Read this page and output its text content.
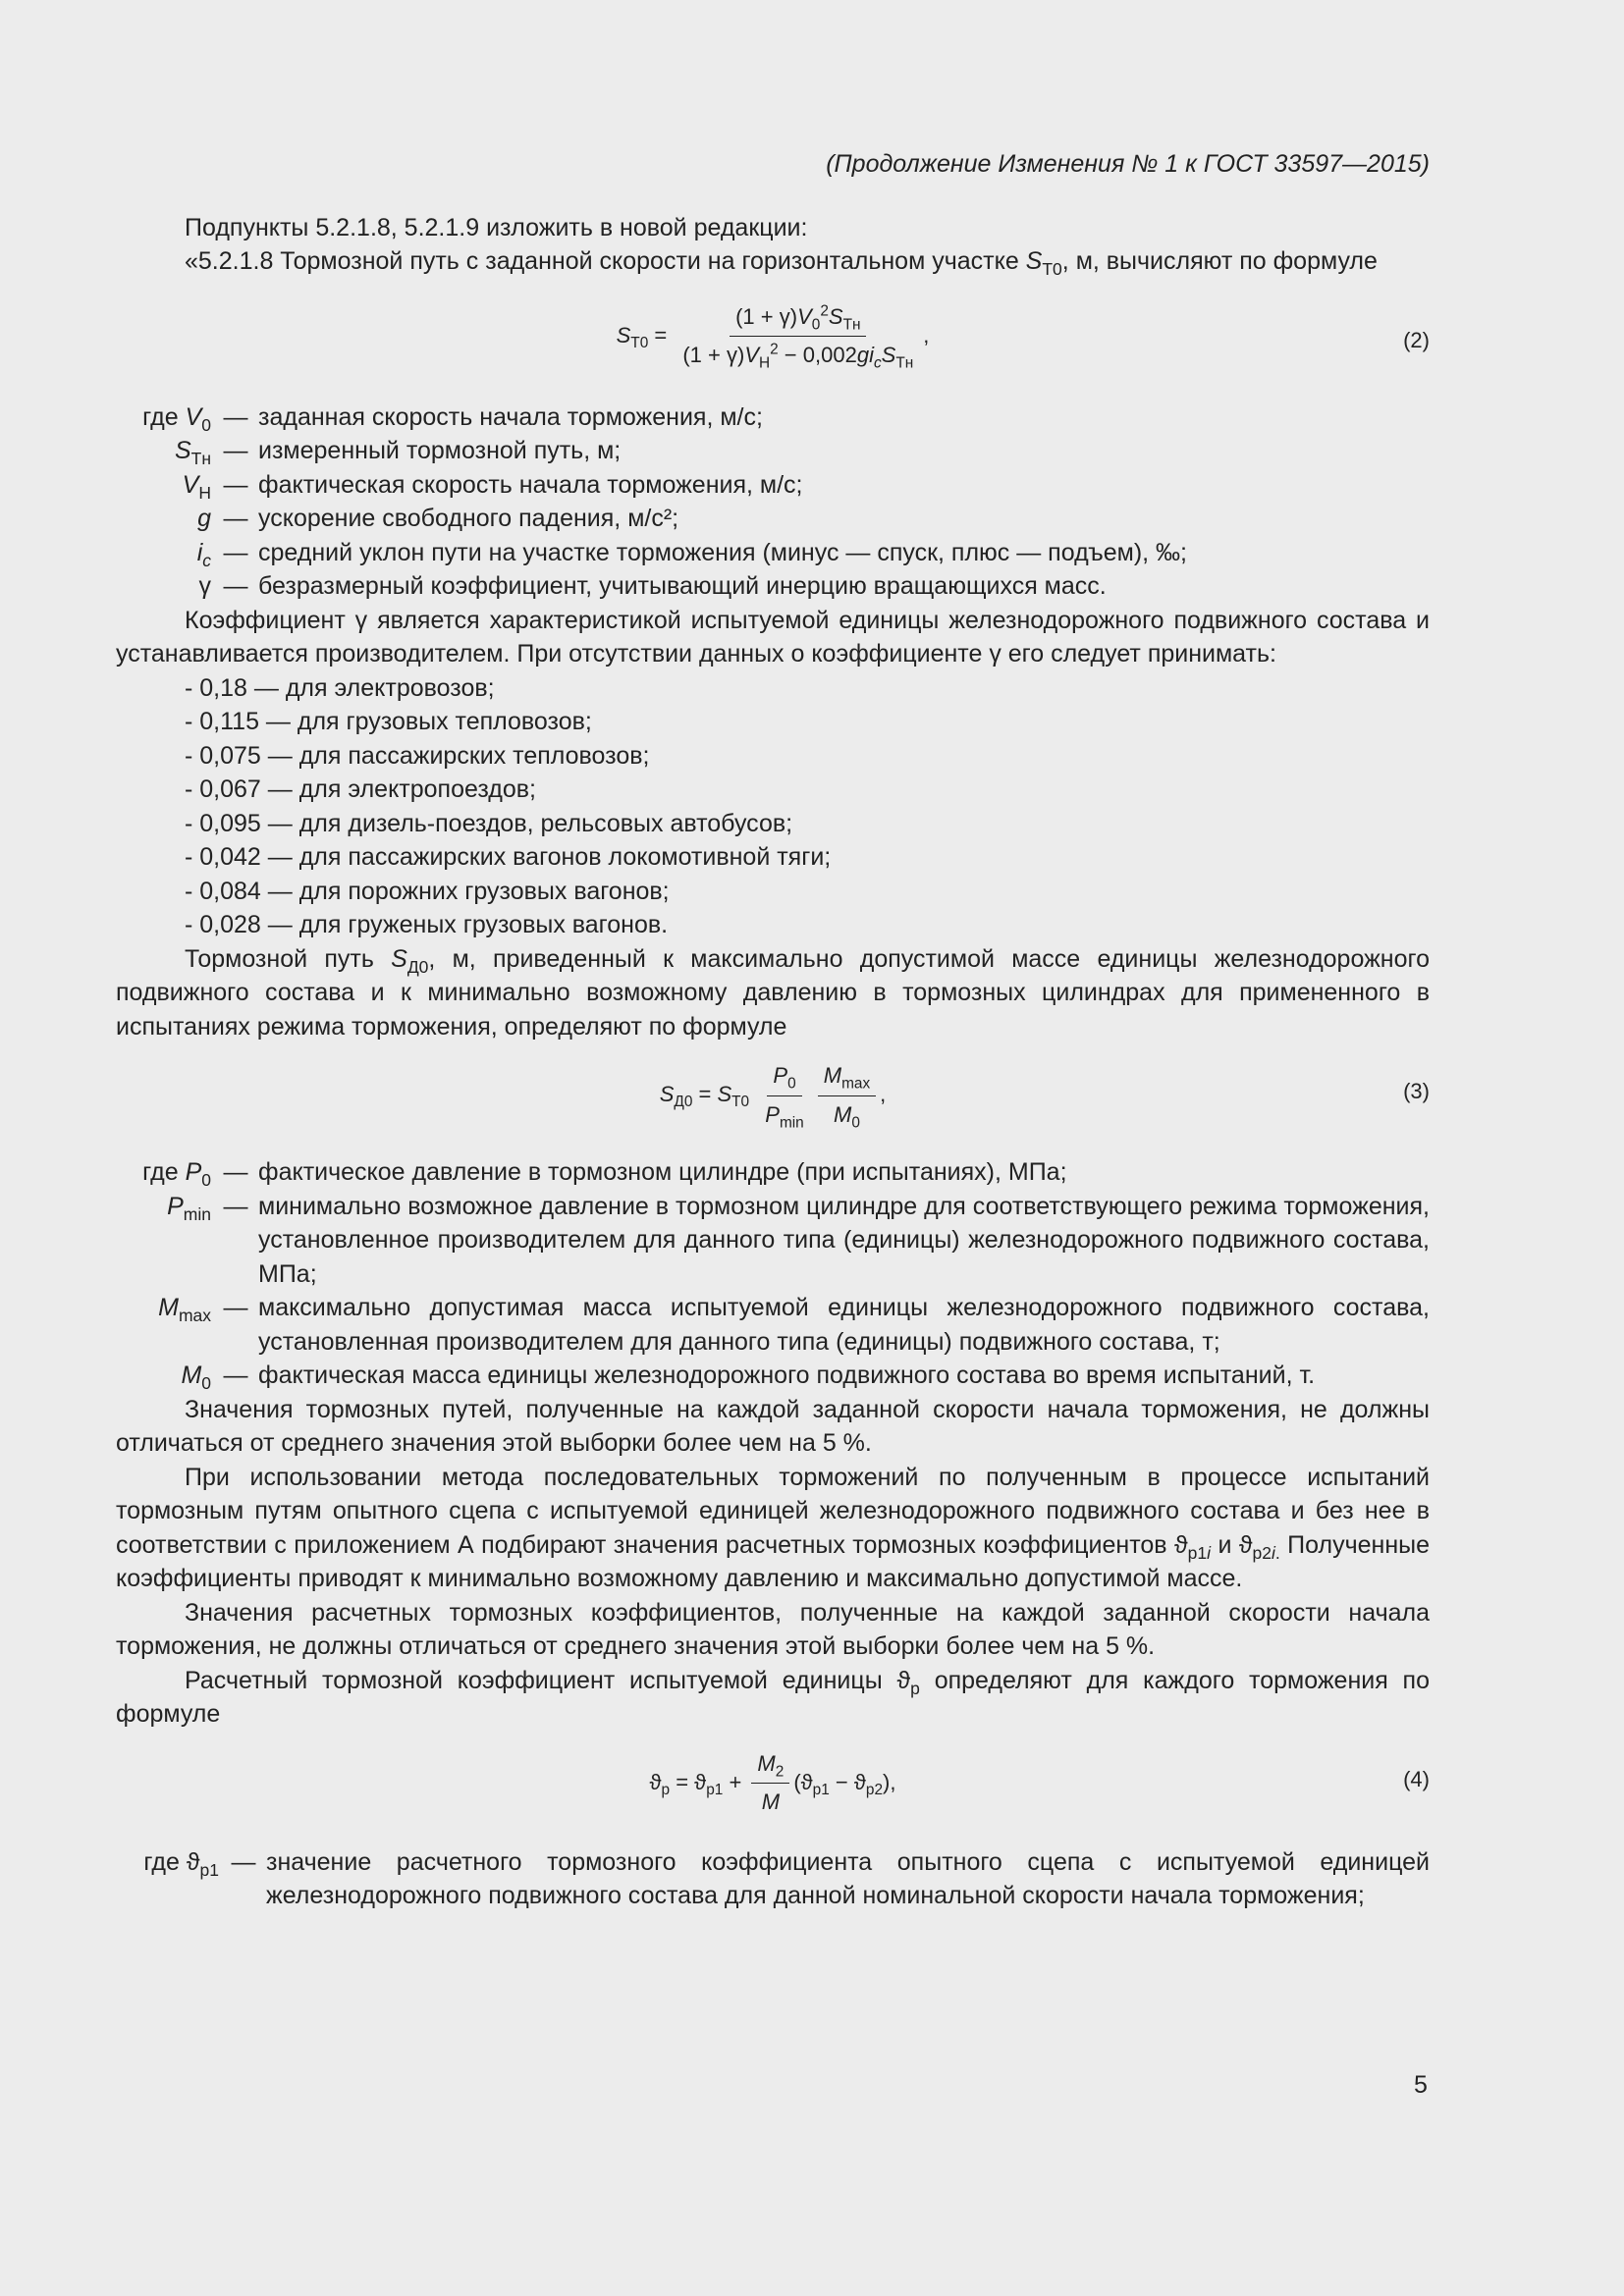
(Продолжение Изменения № 1 к ГОСТ 33597—2015)

Подпункты 5.2.1.8, 5.2.1.9 изложить в новой редакции:

«5.2.1.8 Тормозной путь с заданной скорости на горизонтальном участке $S_{Т0}$, м, вычисляют по формуле

$S_{Т0} = \frac{(1 + \gamma)V_0^2S_{Тн}}{(1 + \gamma)V_Н^2 - 0,002gi_cS_{Тн}}$ ,	(2)
где $V_0$ — заданная скорость начала торможения, м/с;
$S_{Тн}$ — измеренный тормозной путь, м;
$V_Н$ — фактическая скорость начала торможения, м/с;
g — ускорение свободного падения, м/с²;
$i_c$ — средний уклон пути на участке торможения (минус — спуск, плюс — подъем), ‰;
γ — безразмерный коэффициент, учитывающий инерцию вращающихся масс.

Коэффициент γ является характеристикой испытуемой единицы железнодорожного подвижного состава и устанавливается производителем. При отсутствии данных о коэффициенте γ его следует принимать:

- 0,18 — для электровозов;
- 0,115 — для грузовых тепловозов;
- 0,075 — для пассажирских тепловозов;
- 0,067 — для электропоездов;
- 0,095 — для дизель-поездов, рельсовых автобусов;
- 0,042 — для пассажирских вагонов локомотивной тяги;
- 0,084 — для порожних грузовых вагонов;
- 0,028 — для груженых грузовых вагонов.

Тормозной путь $S_{Д0}$, м, приведенный к максимально допустимой массе единицы железнодорожного подвижного состава и к минимально возможному давлению в тормозных цилиндрах для примененного в испытаниях режима торможения, определяют по формуле

$S_{Д0} = S_{Т0} \frac{P_0}{P_{min}} \frac{M_{max}}{M_0}$ ,	(3)
где $P_0$ — фактическое давление в тормозном цилиндре (при испытаниях), МПа;
$P_{min}$ — минимально возможное давление в тормозном цилиндре для соответствующего режима торможения, установленное производителем для данного типа (единицы) железнодорожного подвижного состава, МПа;
$M_{max}$ — максимально допустимая масса испытуемой единицы железнодорожного подвижного состава, установленная производителем для данного типа (единицы) подвижного состава, т;
$M_0$ — фактическая масса единицы железнодорожного подвижного состава во время испытаний, т.

Значения тормозных путей, полученные на каждой заданной скорости начала торможения, не должны отличаться от среднего значения этой выборки более чем на 5 %.

При использовании метода последовательных торможений по полученным в процессе испытаний тормозным путям опытного сцепа с испытуемой единицей железнодорожного подвижного состава и без нее в соответствии с приложением А подбирают значения расчетных тормозных коэффициентов $ϑ_{р1i}$ и $ϑ_{р2i.}$ Полученные коэффициенты приводят к минимально возможному давлению и максимально допустимой массе.

Значения расчетных тормозных коэффициентов, полученные на каждой заданной скорости начала торможения, не должны отличаться от среднего значения этой выборки более чем на 5 %.

Расчетный тормозной коэффициент испытуемой единицы $ϑ_р$ определяют для каждого торможения по формуле

$ϑ_р = ϑ_{р1} + \frac{M_2}{M} (ϑ_{р1} - ϑ_{р2})$,	(4)
где $ϑ_{р1}$ — значение расчетного тормозного коэффициента опытного сцепа с испытуемой единицей железнодорожного подвижного состава для данной номинальной скорости начала торможения;
5
